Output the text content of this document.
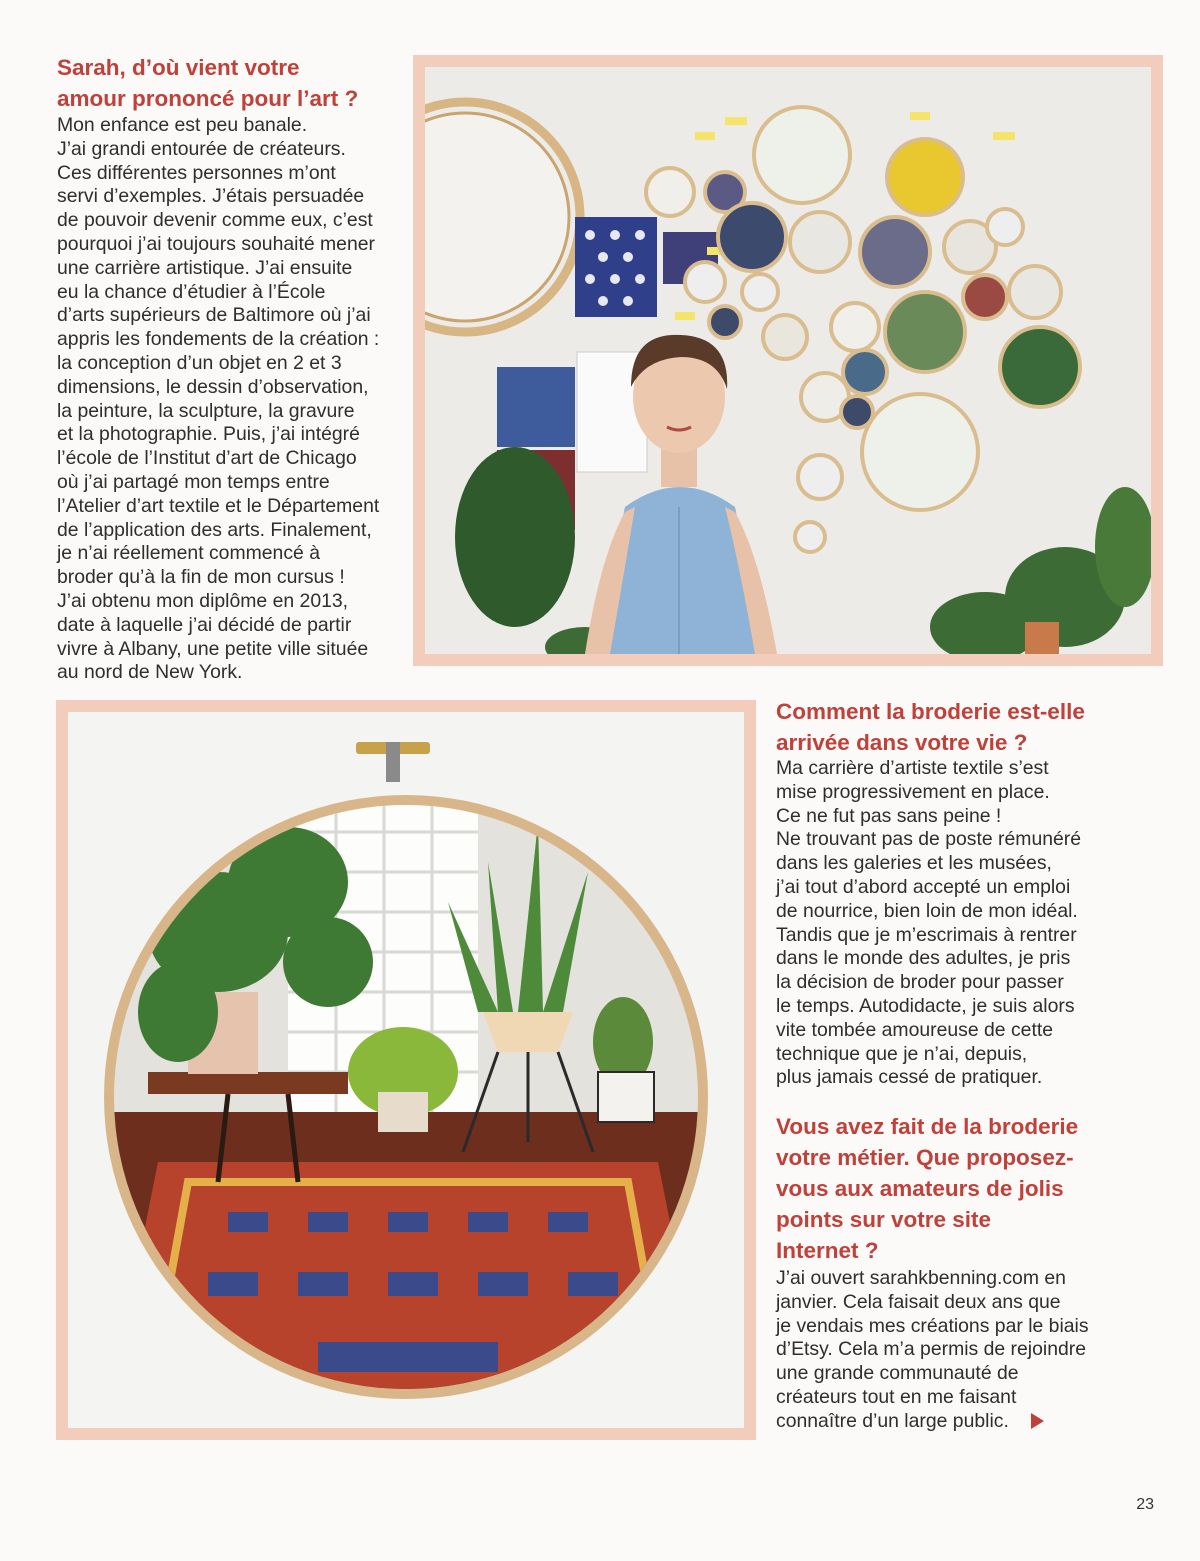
Sarah, d’où vient votre
amour prononcé pour l’art ?
Mon enfance est peu banale.
J’ai grandi entourée de créateurs.
Ces différentes personnes m’ont
servi d’exemples. J’étais persuadée
de pouvoir devenir comme eux, c’est
pourquoi j’ai toujours souhaité mener
une carrière artistique. J’ai ensuite
eu la chance d’étudier à l’École
d’arts supérieurs de Baltimore où j’ai
appris les fondements de la création :
la conception d’un objet en 2 et 3
dimensions, le dessin d’observation,
la peinture, la sculpture, la gravure
et la photographie. Puis, j’ai intégré
l’école de l’Institut d’art de Chicago
où j’ai partagé mon temps entre
l’Atelier d’art textile et le Département
de l’application des arts. Finalement,
je n’ai réellement commencé à
broder qu’à la fin de mon cursus !
J’ai obtenu mon diplôme en 2013,
date à laquelle j’ai décidé de partir
vivre à Albany, une petite ville située
au nord de New York.
Comment la broderie est-elle
arrivée dans votre vie ?
Ma carrière d’artiste textile s’est
mise progressivement en place.
Ce ne fut pas sans peine !
Ne trouvant pas de poste rémunéré
dans les galeries et les musées,
j’ai tout d’abord accepté un emploi
de nourrice, bien loin de mon idéal.
Tandis que je m’escrimais à rentrer
dans le monde des adultes, je pris
la décision de broder pour passer
le temps. Autodidacte, je suis alors
vite tombée amoureuse de cette
technique que je n’ai, depuis,
plus jamais cessé de pratiquer.
Vous avez fait de la broderie
votre métier. Que proposez-
vous aux amateurs de jolis
points sur votre site
Internet ?
J’ai ouvert sarahkbenning.com en
janvier. Cela faisait deux ans que
je vendais mes créations par le biais
d’Etsy. Cela m’a permis de rejoindre
une grande communauté de
créateurs tout en me faisant
connaître d’un large public.
23
